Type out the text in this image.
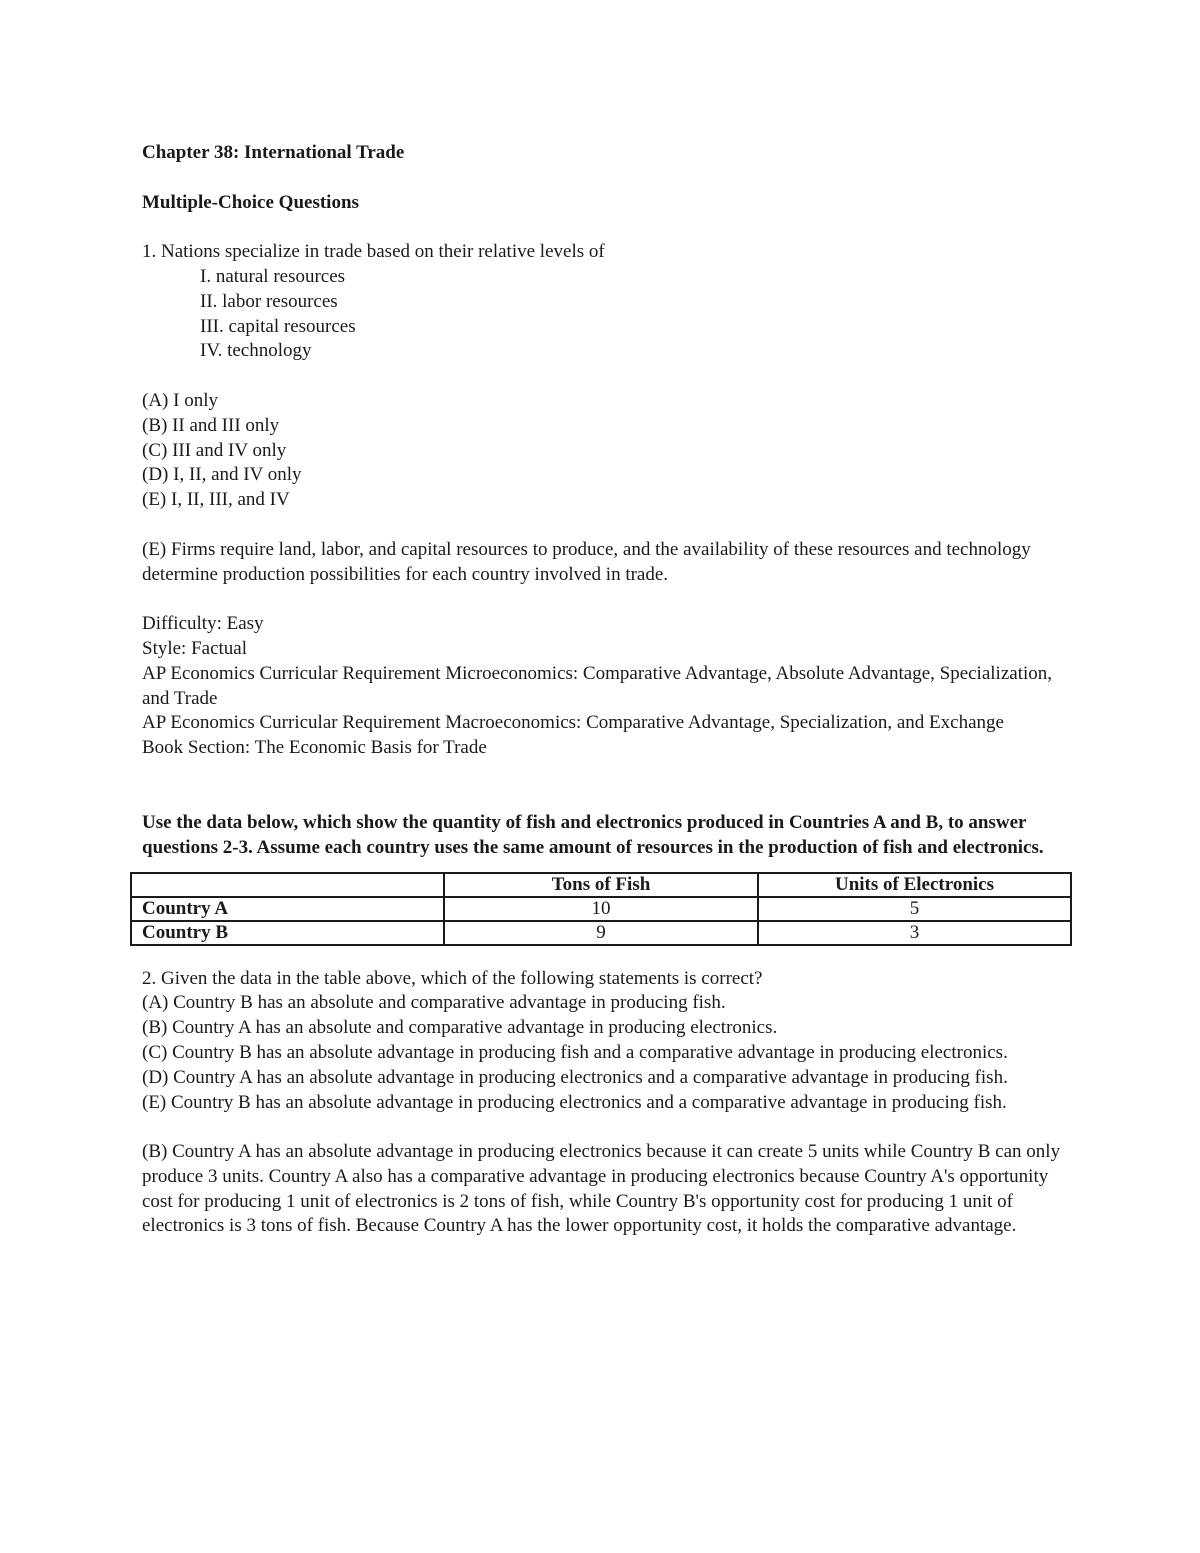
Chapter 38: International Trade
Multiple-Choice Questions
1. Nations specialize in trade based on their relative levels of
I. natural resources
II. labor resources
III. capital resources
IV. technology
(A) I only
(B) II and III only
(C) III and IV only
(D) I, II, and IV only
(E) I, II, III, and IV
(E) Firms require land, labor, and capital resources to produce, and the availability of these resources and technology determine production possibilities for each country involved in trade.
Difficulty: Easy
Style: Factual
AP Economics Curricular Requirement Microeconomics: Comparative Advantage, Absolute Advantage, Specialization, and Trade
AP Economics Curricular Requirement Macroeconomics: Comparative Advantage, Specialization, and Exchange
Book Section: The Economic Basis for Trade
Use the data below, which show the quantity of fish and electronics produced in Countries A and B, to answer questions 2-3. Assume each country uses the same amount of resources in the production of fish and electronics.
	Tons of Fish	Units of Electronics
Country A	10	5
Country B	9	3
2. Given the data in the table above, which of the following statements is correct?
(A) Country B has an absolute and comparative advantage in producing fish.
(B) Country A has an absolute and comparative advantage in producing electronics.
(C) Country B has an absolute advantage in producing fish and a comparative advantage in producing electronics.
(D) Country A has an absolute advantage in producing electronics and a comparative advantage in producing fish.
(E) Country B has an absolute advantage in producing electronics and a comparative advantage in producing fish.
(B) Country A has an absolute advantage in producing electronics because it can create 5 units while Country B can only produce 3 units. Country A also has a comparative advantage in producing electronics because Country A's opportunity cost for producing 1 unit of electronics is 2 tons of fish, while Country B's opportunity cost for producing 1 unit of electronics is 3 tons of fish. Because Country A has the lower opportunity cost, it holds the comparative advantage.
